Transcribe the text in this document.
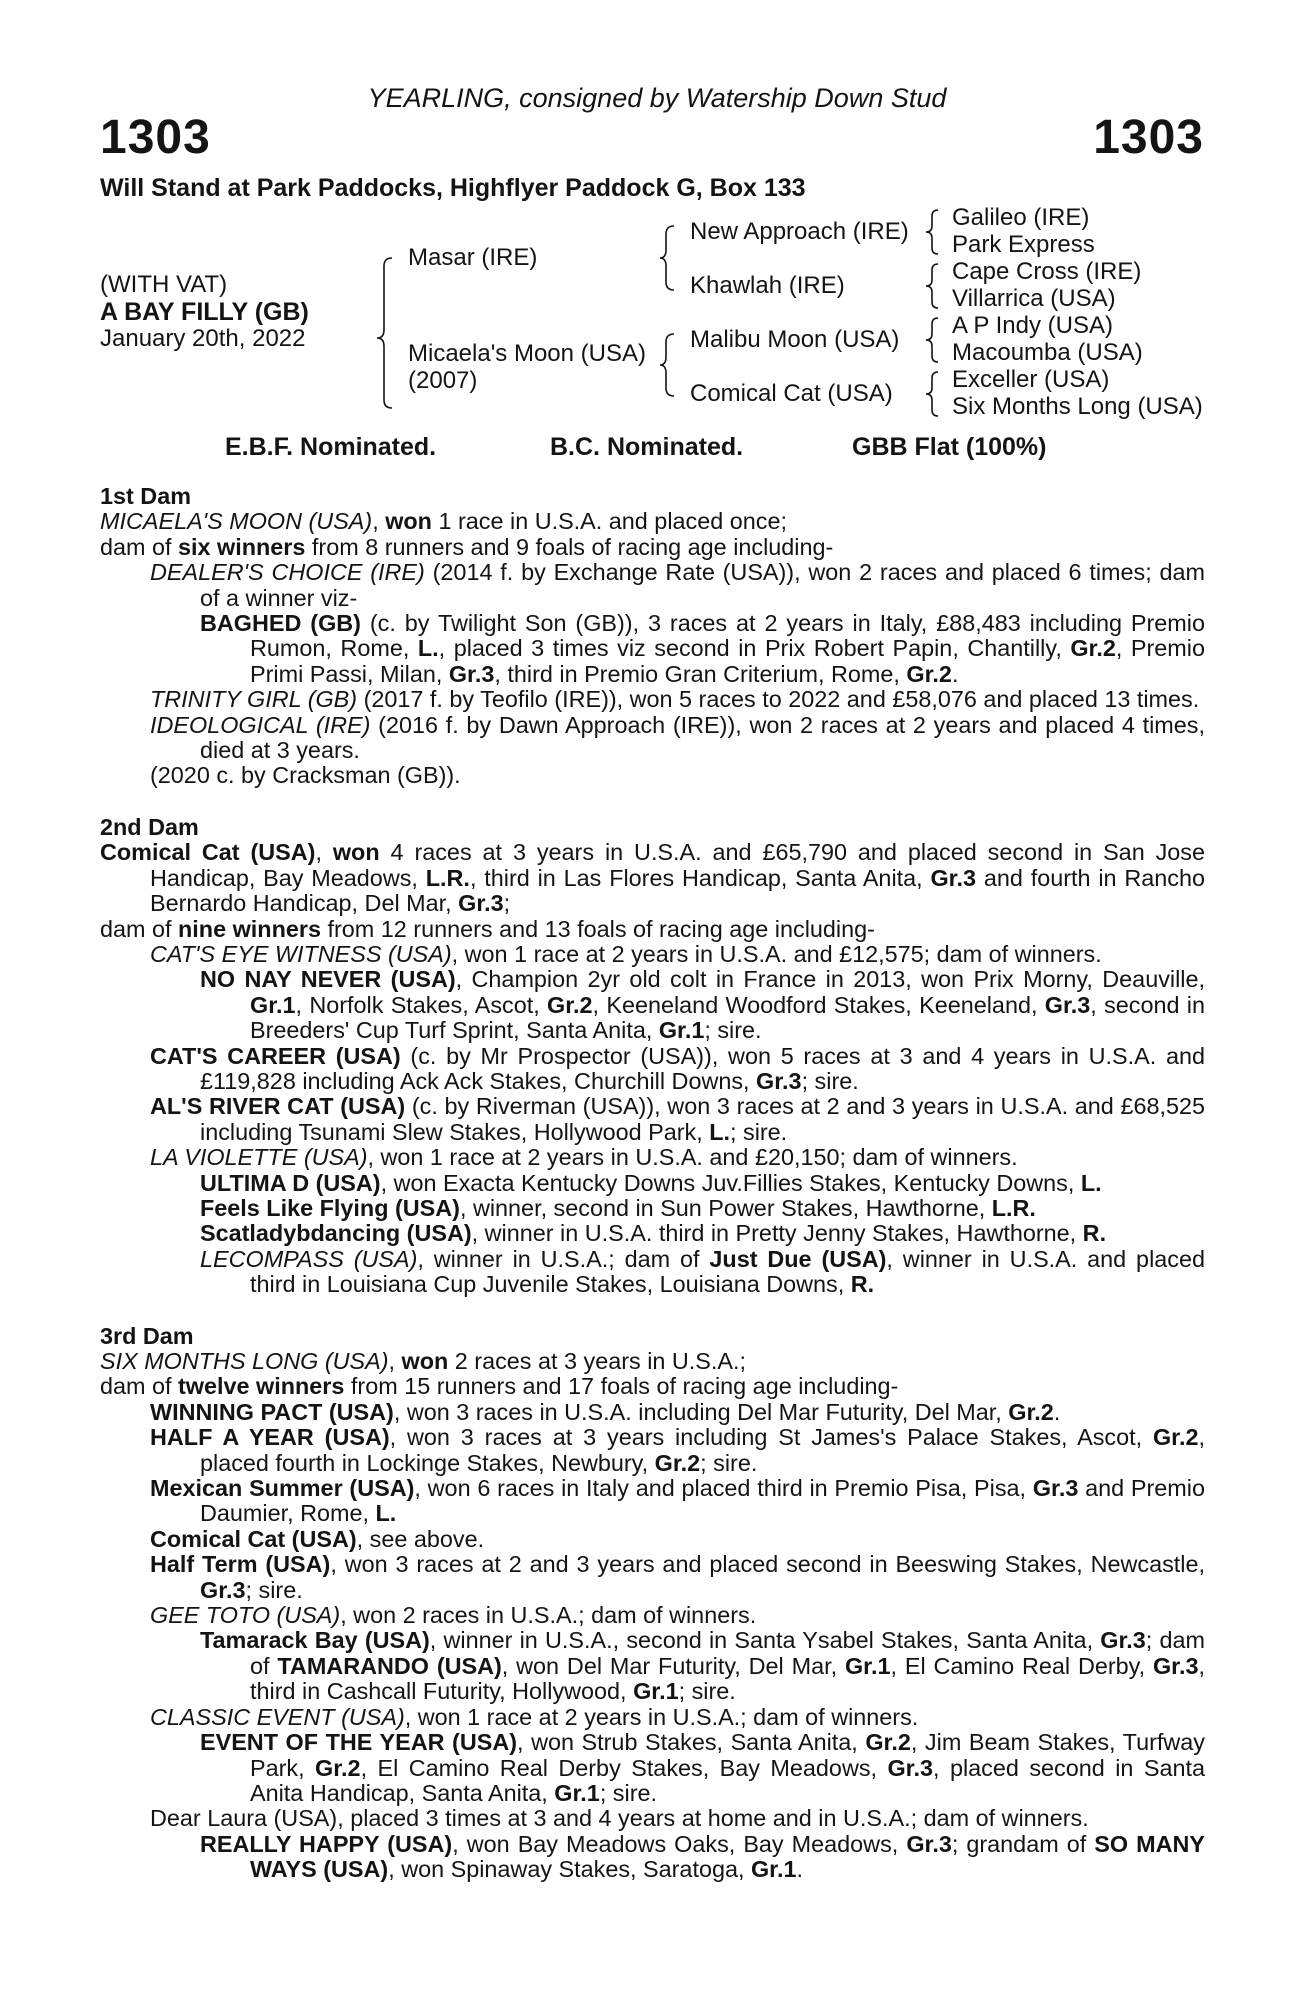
YEARLING, consigned by Watership Down Stud
1303	1303
Will Stand at Park Paddocks, Highflyer Paddock G, Box 133
(WITH VAT)
A BAY FILLY (GB)
January 20th, 2022
Masar (IRE)
Micaela's Moon (USA)
(2007)
New Approach (IRE)
Khawlah (IRE)
Malibu Moon (USA)
Comical Cat (USA)
Galileo (IRE)
Park Express
Cape Cross (IRE)
Villarrica (USA)
A P Indy (USA)
Macoumba (USA)
Exceller (USA)
Six Months Long (USA)
E.B.F. Nominated.	B.C. Nominated.	GBB Flat (100%)
1st Dam
MICAELA'S MOON (USA), won 1 race in U.S.A. and placed once;
dam of six winners from 8 runners and 9 foals of racing age including-
DEALER'S CHOICE (IRE) (2014 f. by Exchange Rate (USA)), won 2 races and placed 6 times; dam of a winner viz-
BAGHED (GB) (c. by Twilight Son (GB)), 3 races at 2 years in Italy, £88,483 including Premio Rumon, Rome, L., placed 3 times viz second in Prix Robert Papin, Chantilly, Gr.2, Premio Primi Passi, Milan, Gr.3, third in Premio Gran Criterium, Rome, Gr.2.
TRINITY GIRL (GB) (2017 f. by Teofilo (IRE)), won 5 races to 2022 and £58,076 and placed 13 times.
IDEOLOGICAL (IRE) (2016 f. by Dawn Approach (IRE)), won 2 races at 2 years and placed 4 times, died at 3 years.
(2020 c. by Cracksman (GB)).
2nd Dam
Comical Cat (USA), won 4 races at 3 years in U.S.A. and £65,790 and placed second in San Jose Handicap, Bay Meadows, L.R., third in Las Flores Handicap, Santa Anita, Gr.3 and fourth in Rancho Bernardo Handicap, Del Mar, Gr.3;
dam of nine winners from 12 runners and 13 foals of racing age including-
CAT'S EYE WITNESS (USA), won 1 race at 2 years in U.S.A. and £12,575; dam of winners.
NO NAY NEVER (USA), Champion 2yr old colt in France in 2013, won Prix Morny, Deauville, Gr.1, Norfolk Stakes, Ascot, Gr.2, Keeneland Woodford Stakes, Keeneland, Gr.3, second in Breeders' Cup Turf Sprint, Santa Anita, Gr.1; sire.
CAT'S CAREER (USA) (c. by Mr Prospector (USA)), won 5 races at 3 and 4 years in U.S.A. and £119,828 including Ack Ack Stakes, Churchill Downs, Gr.3; sire.
AL'S RIVER CAT (USA) (c. by Riverman (USA)), won 3 races at 2 and 3 years in U.S.A. and £68,525 including Tsunami Slew Stakes, Hollywood Park, L.; sire.
LA VIOLETTE (USA), won 1 race at 2 years in U.S.A. and £20,150; dam of winners.
ULTIMA D (USA), won Exacta Kentucky Downs Juv.Fillies Stakes, Kentucky Downs, L.
Feels Like Flying (USA), winner, second in Sun Power Stakes, Hawthorne, L.R.
Scatladybdancing (USA), winner in U.S.A. third in Pretty Jenny Stakes, Hawthorne, R.
LECOMPASS (USA), winner in U.S.A.; dam of Just Due (USA), winner in U.S.A. and placed third in Louisiana Cup Juvenile Stakes, Louisiana Downs, R.
3rd Dam
SIX MONTHS LONG (USA), won 2 races at 3 years in U.S.A.;
dam of twelve winners from 15 runners and 17 foals of racing age including-
WINNING PACT (USA), won 3 races in U.S.A. including Del Mar Futurity, Del Mar, Gr.2.
HALF A YEAR (USA), won 3 races at 3 years including St James's Palace Stakes, Ascot, Gr.2, placed fourth in Lockinge Stakes, Newbury, Gr.2; sire.
Mexican Summer (USA), won 6 races in Italy and placed third in Premio Pisa, Pisa, Gr.3 and Premio Daumier, Rome, L.
Comical Cat (USA), see above.
Half Term (USA), won 3 races at 2 and 3 years and placed second in Beeswing Stakes, Newcastle, Gr.3; sire.
GEE TOTO (USA), won 2 races in U.S.A.; dam of winners.
Tamarack Bay (USA), winner in U.S.A., second in Santa Ysabel Stakes, Santa Anita, Gr.3; dam of TAMARANDO (USA), won Del Mar Futurity, Del Mar, Gr.1, El Camino Real Derby, Gr.3, third in Cashcall Futurity, Hollywood, Gr.1; sire.
CLASSIC EVENT (USA), won 1 race at 2 years in U.S.A.; dam of winners.
EVENT OF THE YEAR (USA), won Strub Stakes, Santa Anita, Gr.2, Jim Beam Stakes, Turfway Park, Gr.2, El Camino Real Derby Stakes, Bay Meadows, Gr.3, placed second in Santa Anita Handicap, Santa Anita, Gr.1; sire.
Dear Laura (USA), placed 3 times at 3 and 4 years at home and in U.S.A.; dam of winners.
REALLY HAPPY (USA), won Bay Meadows Oaks, Bay Meadows, Gr.3; grandam of SO MANY WAYS (USA), won Spinaway Stakes, Saratoga, Gr.1.
